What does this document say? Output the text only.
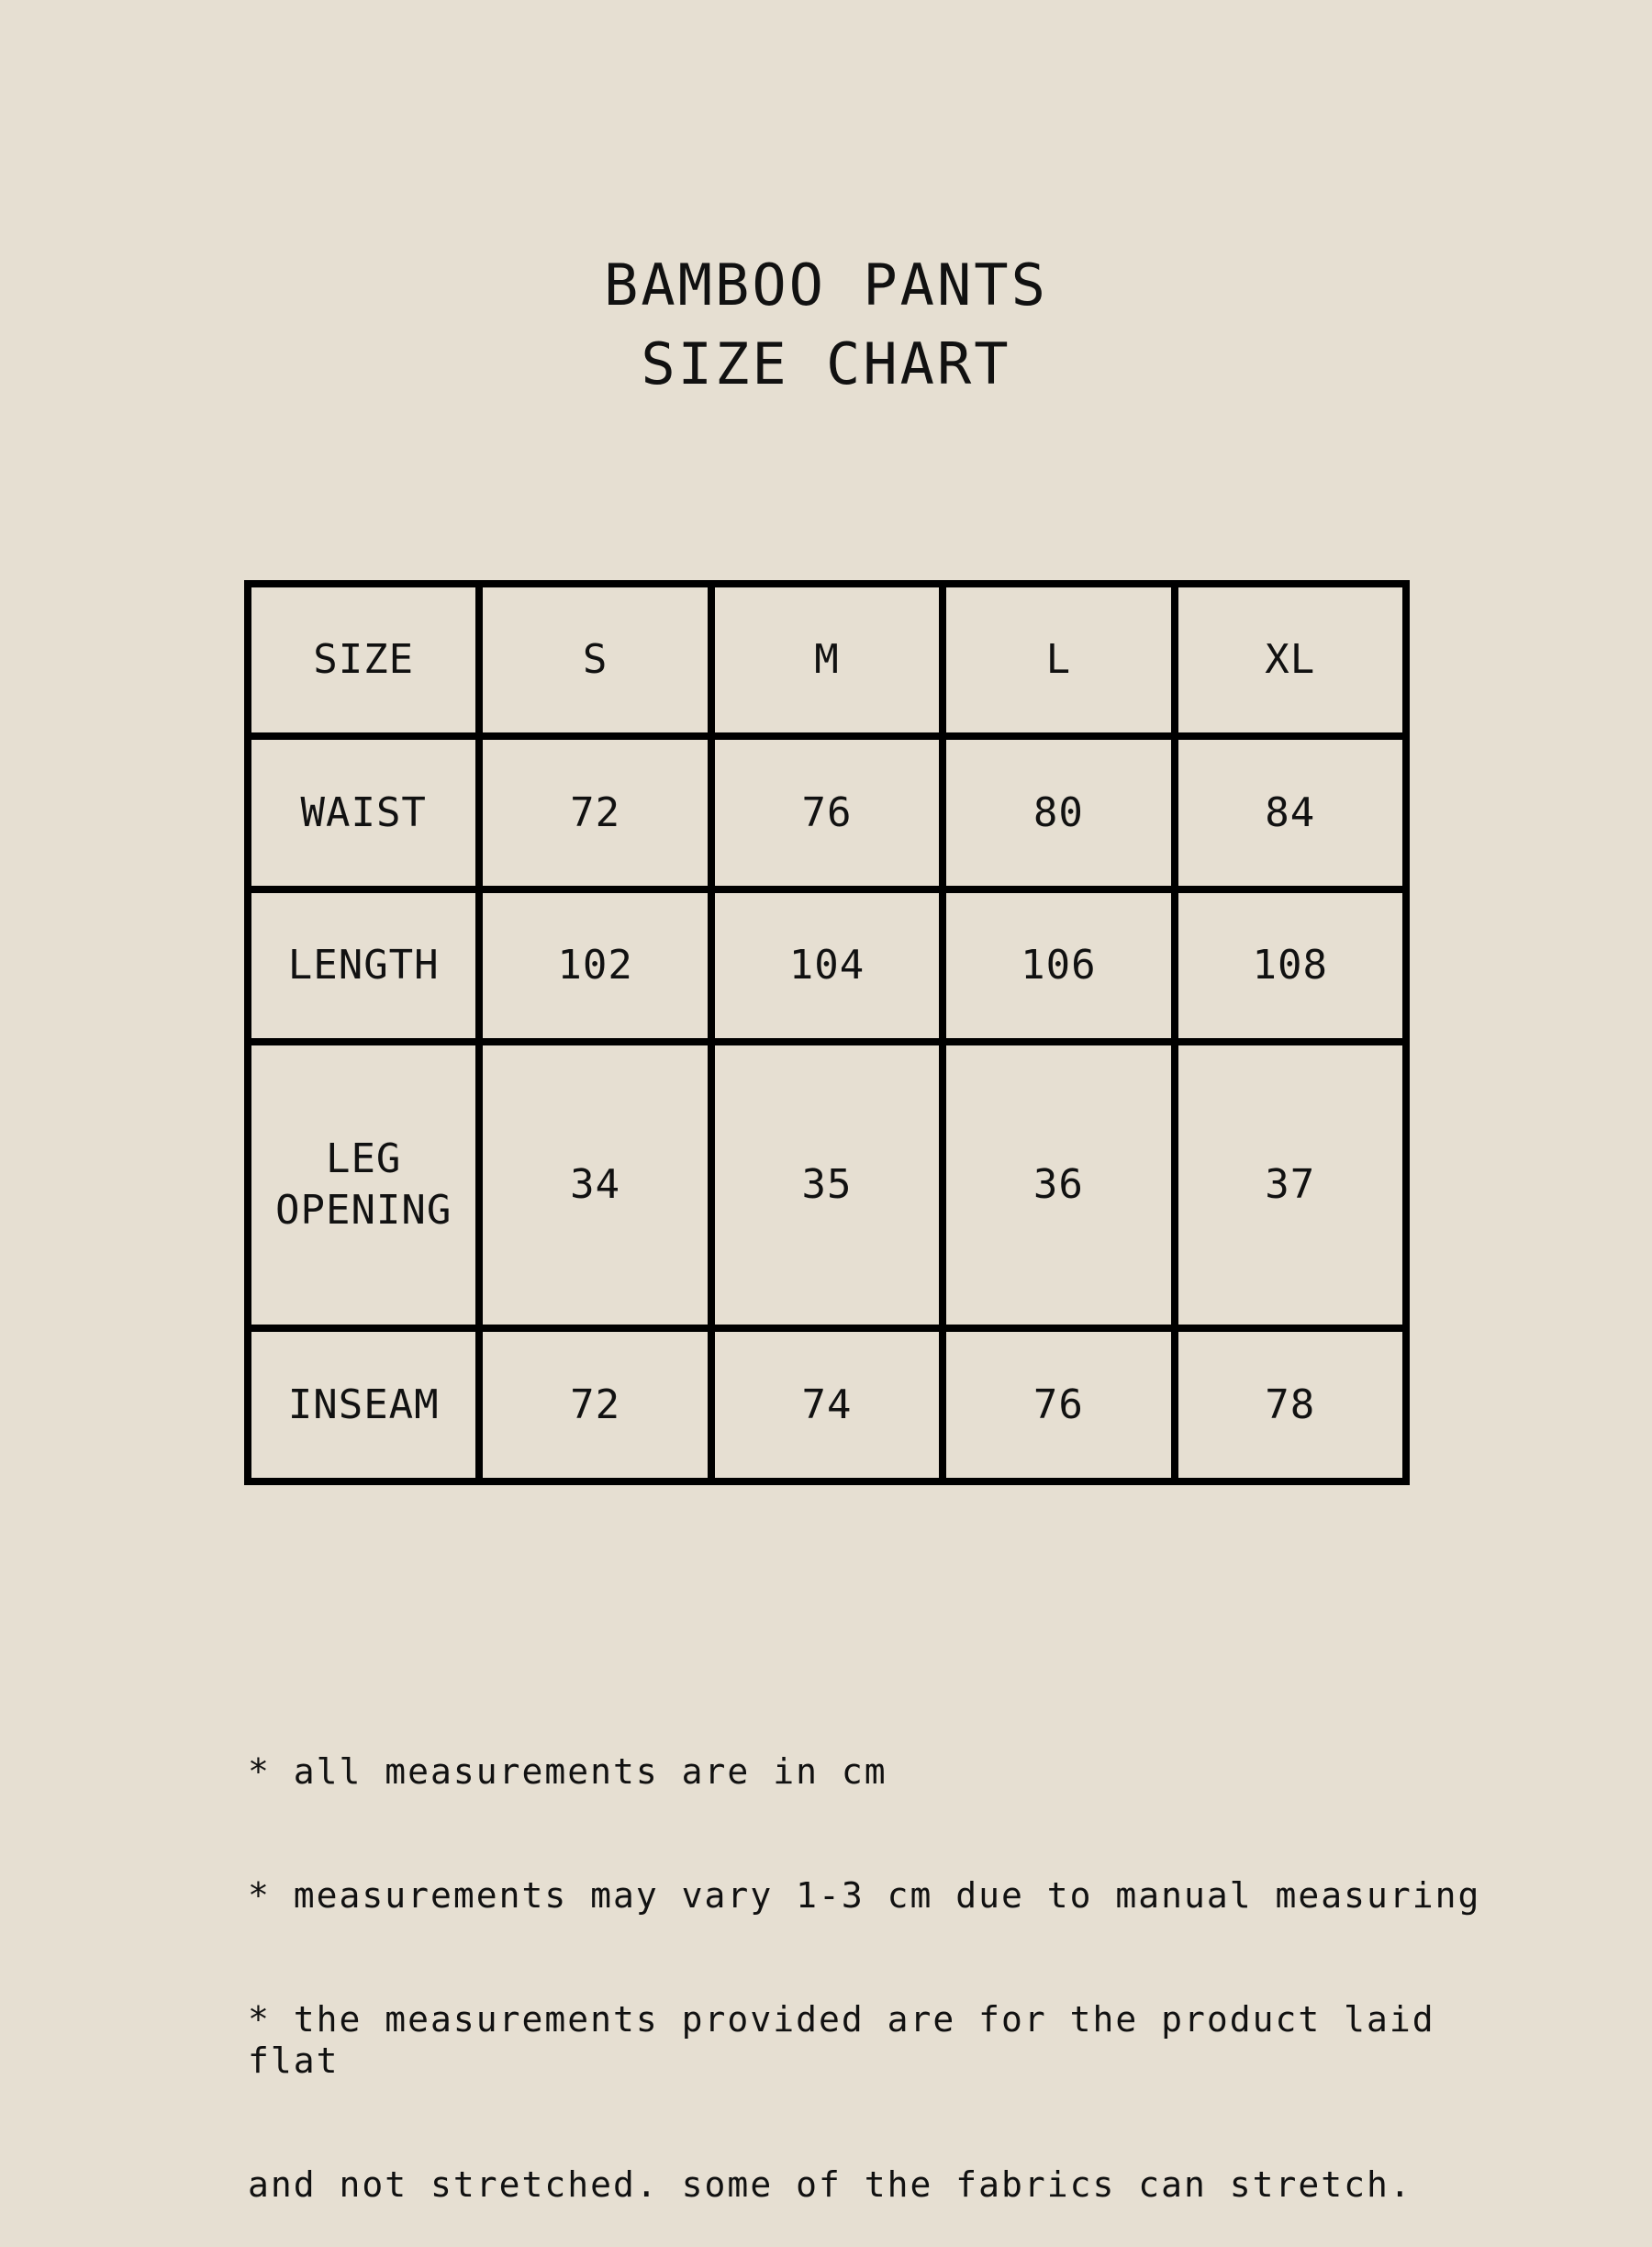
BAMBOO PANTS
SIZE CHART
SIZE	S	M	L	XL
WAIST	72	76	80	84
LENGTH	102	104	106	108
LEG
OPENING	34	35	36	37
INSEAM	72	74	76	78

* all measurements are in cm

* measurements may vary 1-3 cm due to manual measuring

* the measurements provided are for the product laid flat

and not stretched. some of the fabrics can stretch.
